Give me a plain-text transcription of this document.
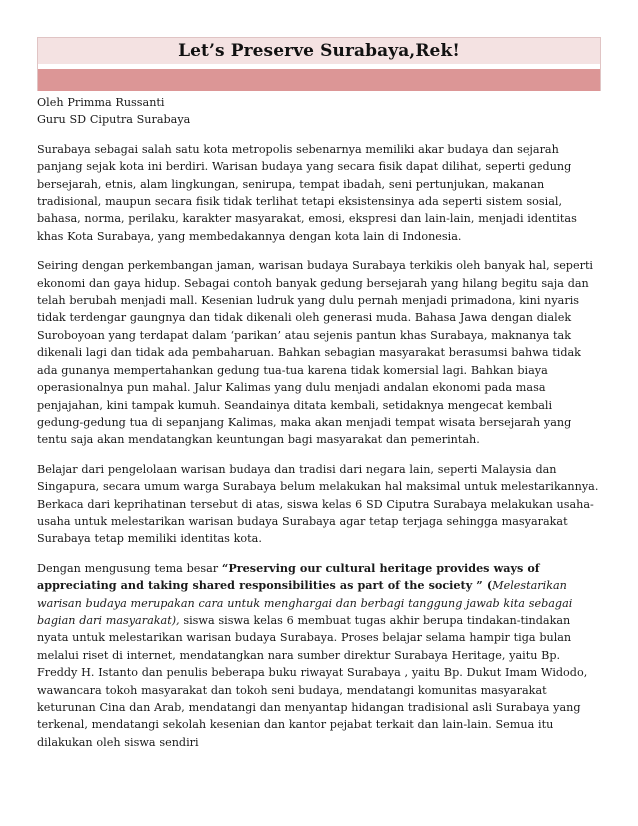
Let’s Preserve Surabaya,Rek!
Oleh Primma Russanti
Guru SD Ciputra Surabaya

Surabaya sebagai salah satu kota metropolis sebenarnya memiliki akar budaya dan sejarah panjang sejak kota ini berdiri. Warisan budaya yang secara fisik dapat dilihat, seperti gedung bersejarah, etnis, alam lingkungan, senirupa, tempat ibadah, seni pertunjukan, makanan tradisional, maupun secara fisik tidak terlihat tetapi eksistensinya ada seperti sistem sosial, bahasa, norma, perilaku, karakter masyarakat, emosi, ekspresi dan lain-lain, menjadi identitas khas Kota Surabaya, yang membedakannya dengan kota lain di Indonesia.

Seiring dengan perkembangan jaman, warisan budaya Surabaya terkikis oleh banyak hal, seperti ekonomi dan gaya hidup. Sebagai contoh banyak gedung bersejarah yang hilang begitu saja dan telah berubah menjadi mall. Kesenian ludruk yang dulu pernah menjadi primadona, kini nyaris tidak terdengar gaungnya dan tidak dikenali oleh generasi muda. Bahasa Jawa dengan dialek Suroboyoan yang terdapat dalam ‘parikan’ atau sejenis pantun khas Surabaya, maknanya tak dikenali lagi dan tidak ada pembaharuan. Bahkan sebagian masyarakat berasumsi bahwa tidak ada gunanya mempertahankan gedung tua-tua karena tidak komersial lagi. Bahkan biaya operasionalnya pun mahal. Jalur Kalimas yang dulu menjadi andalan ekonomi pada masa penjajahan, kini tampak kumuh. Seandainya ditata kembali, setidaknya mengecat kembali gedung-gedung tua di sepanjang Kalimas, maka akan menjadi tempat wisata bersejarah yang tentu saja akan mendatangkan keuntungan bagi masyarakat dan pemerintah.

Belajar dari pengelolaan warisan budaya dan tradisi dari negara lain, seperti Malaysia dan Singapura, secara umum warga Surabaya belum melakukan hal maksimal untuk melestarikannya. Berkaca dari keprihatinan tersebut di atas, siswa kelas 6 SD Ciputra Surabaya melakukan usaha-usaha untuk melestarikan warisan budaya Surabaya agar tetap terjaga sehingga masyarakat Surabaya tetap memiliki identitas kota.

Dengan mengusung tema besar “Preserving our cultural heritage provides ways of appreciating and taking shared responsibilities as part of the society ” (Melestarikan warisan budaya merupakan cara untuk menghargai dan berbagi tanggung jawab kita sebagai bagian dari masyarakat), siswa siswa kelas 6 membuat tugas akhir berupa tindakan-tindakan nyata untuk melestarikan warisan budaya Surabaya. Proses belajar selama hampir tiga bulan melalui riset di internet, mendatangkan nara sumber direktur Surabaya Heritage, yaitu Bp. Freddy H. Istanto dan penulis beberapa buku riwayat Surabaya , yaitu Bp. Dukut Imam Widodo, wawancara tokoh masyarakat dan tokoh seni budaya, mendatangi komunitas masyarakat keturunan Cina dan Arab, mendatangi dan menyantap hidangan tradisional asli Surabaya yang terkenal, mendatangi sekolah kesenian dan kantor pejabat terkait dan lain-lain. Semua itu dilakukan oleh siswa sendiri
